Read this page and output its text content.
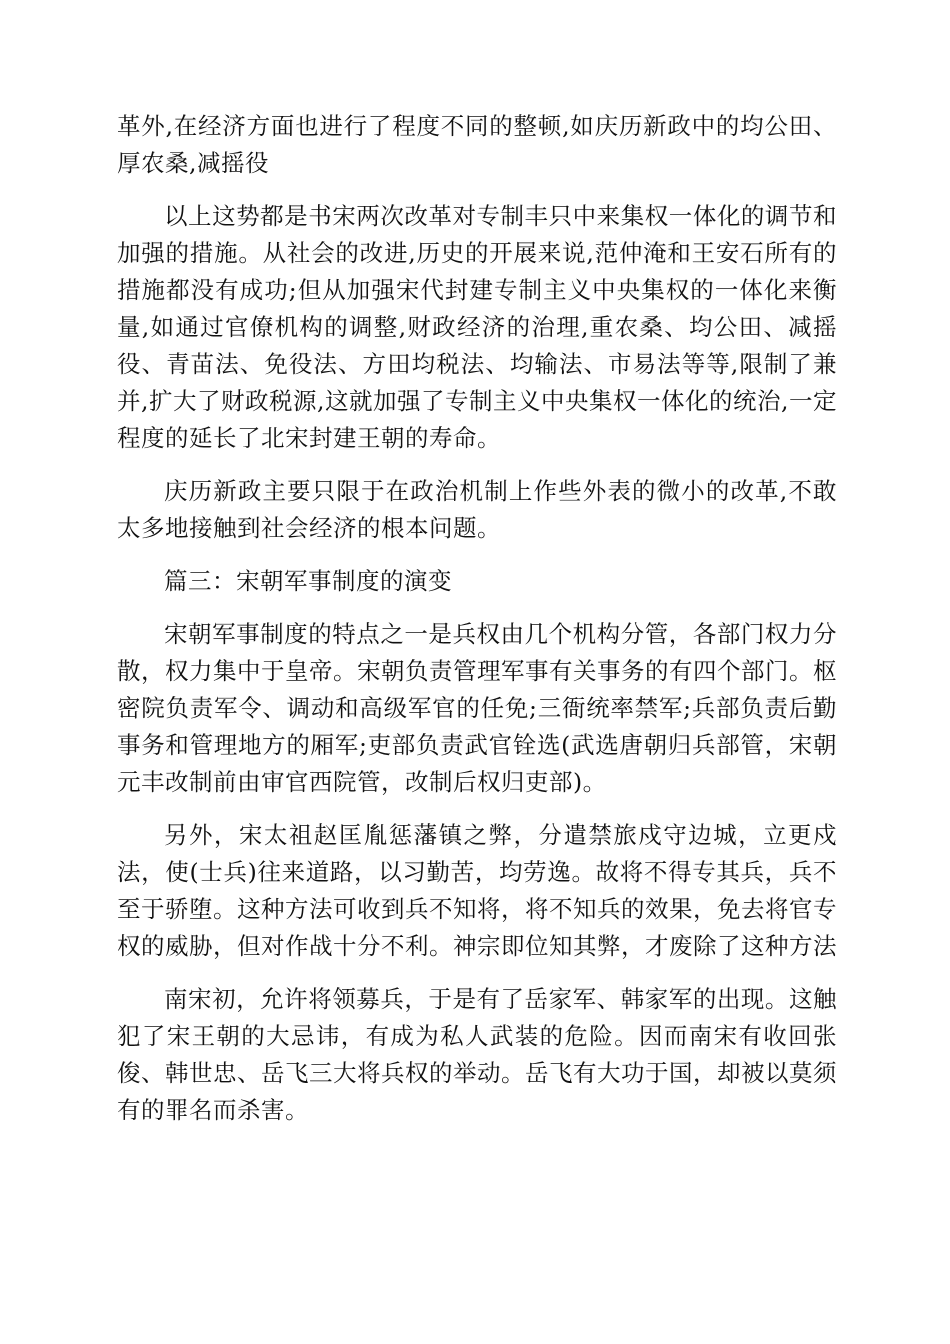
革外,在经济方面也进行了程度不同的整顿,如庆历新政中的均公田、厚农桑,减摇役

以上这势都是书宋两次改革对专制丰只中来集权一体化的调节和加强的措施。从社会的改进,历史的开展来说,范仲淹和王安石所有的措施都没有成功;但从加强宋代封建专制主义中央集权的一体化来衡量,如通过官僚机构的调整,财政经济的治理,重农桑、均公田、减摇役、青苗法、免役法、方田均税法、均输法、市易法等等,限制了兼并,扩大了财政税源,这就加强了专制主义中央集权一体化的统治,一定程度的延长了北宋封建王朝的寿命。

庆历新政主要只限于在政治机制上作些外表的微小的改革,不敢太多地接触到社会经济的根本问题。

篇三：宋朝军事制度的演变

宋朝军事制度的特点之一是兵权由几个机构分管，各部门权力分散，权力集中于皇帝。宋朝负责管理军事有关事务的有四个部门。枢密院负责军令、调动和高级军官的任免;三衙统率禁军;兵部负责后勤事务和管理地方的厢军;吏部负责武官铨选(武选唐朝归兵部管，宋朝元丰改制前由审官西院管，改制后权归吏部)。

另外，宋太祖赵匡胤惩藩镇之弊，分遣禁旅戍守边城，立更戍法，使(士兵)往来道路，以习勤苦，均劳逸。故将不得专其兵，兵不至于骄堕。这种方法可收到兵不知将，将不知兵的效果，免去将官专权的威胁，但对作战十分不利。神宗即位知其弊，才废除了这种方法

南宋初，允许将领募兵，于是有了岳家军、韩家军的出现。这触犯了宋王朝的大忌讳，有成为私人武装的危险。因而南宋有收回张俊、韩世忠、岳飞三大将兵权的举动。岳飞有大功于国，却被以莫须有的罪名而杀害。
